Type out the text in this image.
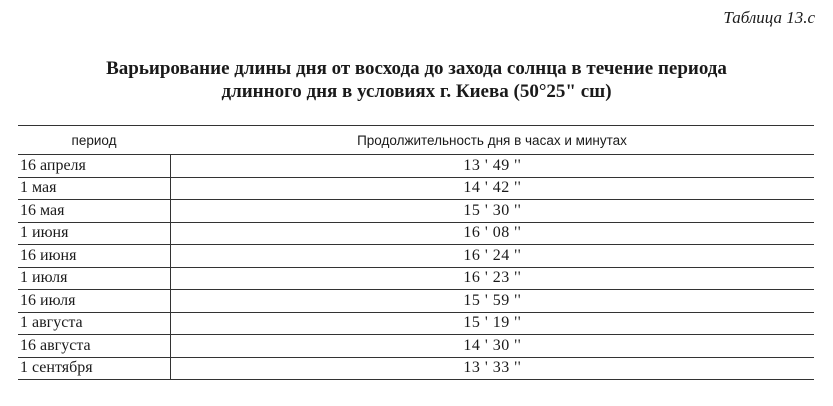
Таблица 13.с
Варьирование длины дня от восхода до захода солнца в течение периода
длинного дня в условиях г. Киева (50°25" сш)
период	Продолжительность дня в часах и минутах
16 апреля	13 ' 49 ''
1 мая	14 ' 42 ''
16 мая	15 ' 30 ''
1 июня	16 ' 08 ''
16 июня	16 ' 24 ''
1 июля	16 ' 23 ''
16 июля	15 ' 59 ''
1 августа	15 ' 19 ''
16 августа	14 ' 30 ''
1 сентября	13 ' 33 ''
